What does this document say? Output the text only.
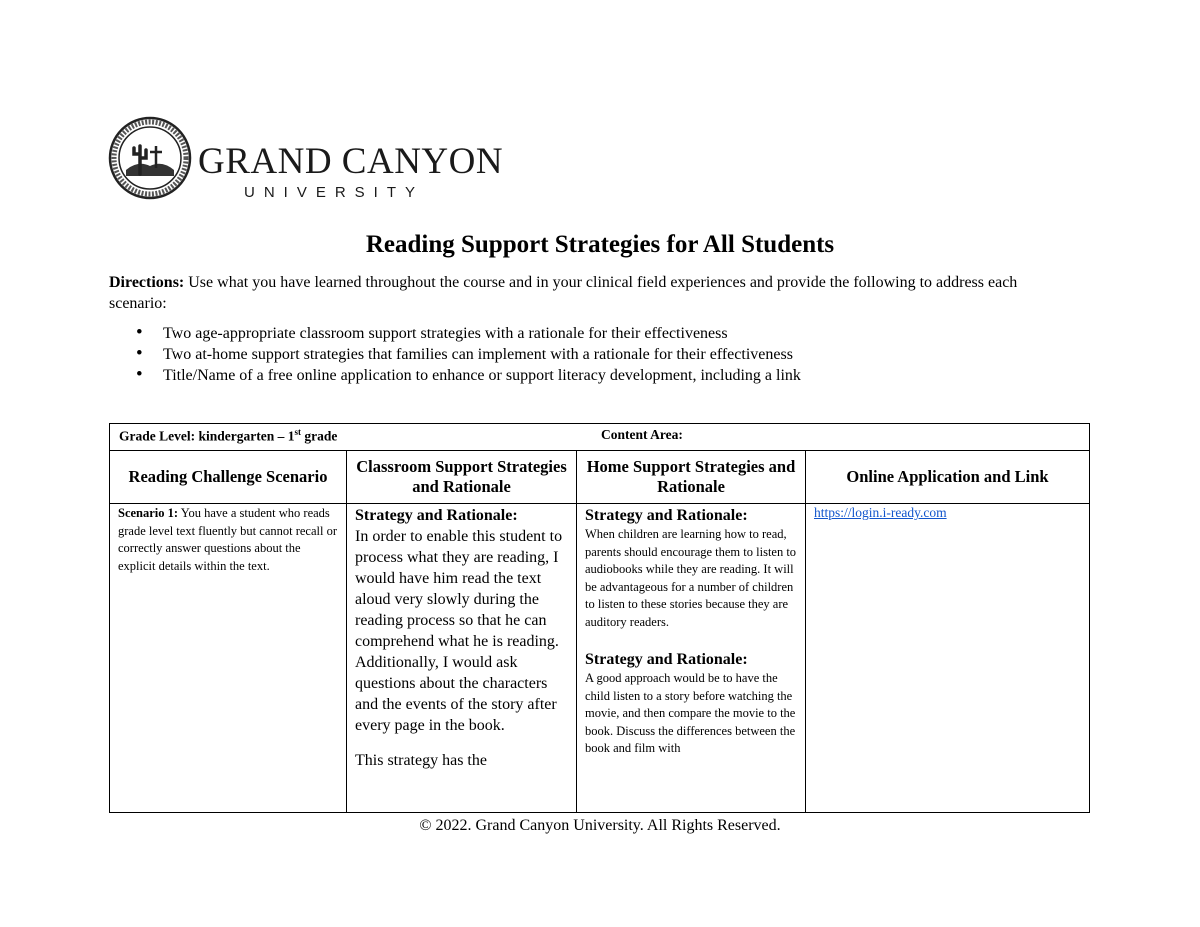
GRAND CANYON
UNIVERSITY
Reading Support Strategies for All Students

Directions: Use what you have learned throughout the course and in your clinical field experiences and provide the following to address each scenario:

• Two age-appropriate classroom support strategies with a rationale for their effectiveness
• Two at-home support strategies that families can implement with a rationale for their effectiveness
• Title/Name of a free online application to enhance or support literacy development, including a link
Grade Level: kindergarten – 1st grade	Content Area:
Reading Challenge Scenario
Classroom Support Strategies and Rationale
Home Support Strategies and Rationale
Online Application and Link
Scenario 1: You have a student who reads grade level text fluently but cannot recall or correctly answer questions about the explicit details within the text.
Strategy and Rationale:
In order to enable this student to process what they are reading, I would have him read the text aloud very slowly during the reading process so that he can comprehend what he is reading. Additionally, I would ask questions about the characters and the events of the story after every page in the book.
This strategy has the
Strategy and Rationale:
When children are learning how to read, parents should encourage them to listen to audiobooks while they are reading. It will be advantageous for a number of children to listen to these stories because they are auditory readers.
Strategy and Rationale:
A good approach would be to have the child listen to a story before watching the movie, and then compare the movie to the book. Discuss the differences between the book and film with
https://login.i-ready.com
© 2022. Grand Canyon University. All Rights Reserved.
